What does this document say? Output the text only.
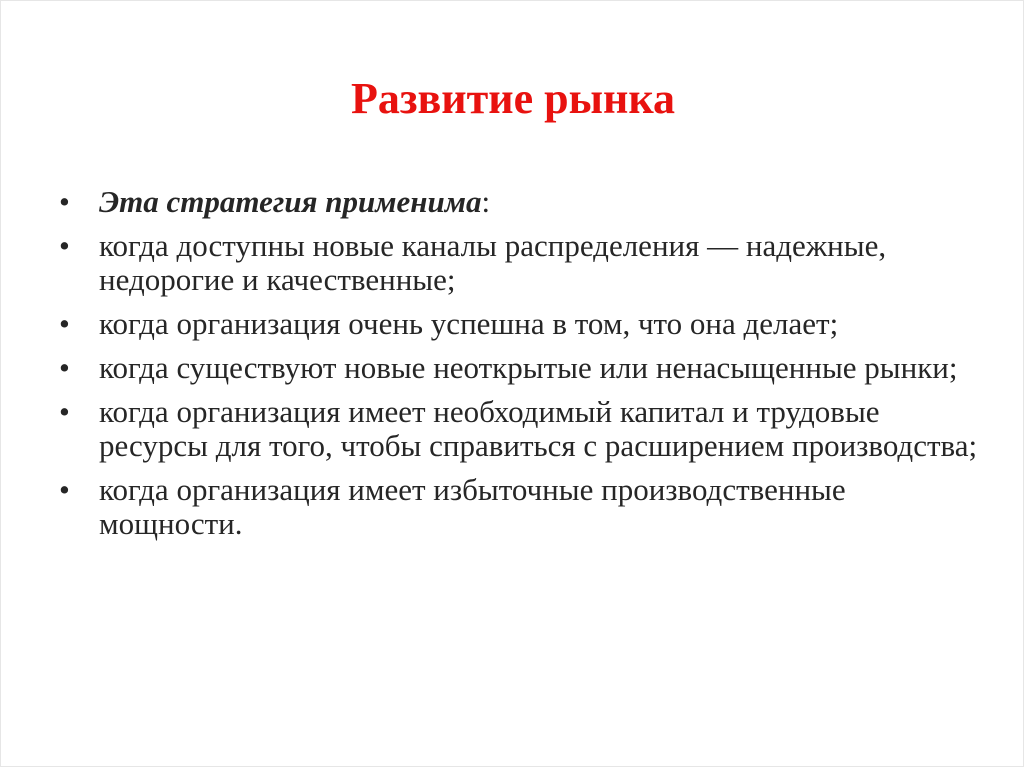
Развитие рынка
• Эта стратегия применима:
• когда доступны новые каналы распределения — надежные, недорогие и качественные;
• когда организация очень успешна в том, что она делает;
• когда существуют новые неоткрытые или ненасыщенные рынки;
• когда организация имеет необходимый капитал и трудовые ресурсы для того, чтобы справиться с расширением производства;
• когда организация имеет избыточные производственные мощности.
